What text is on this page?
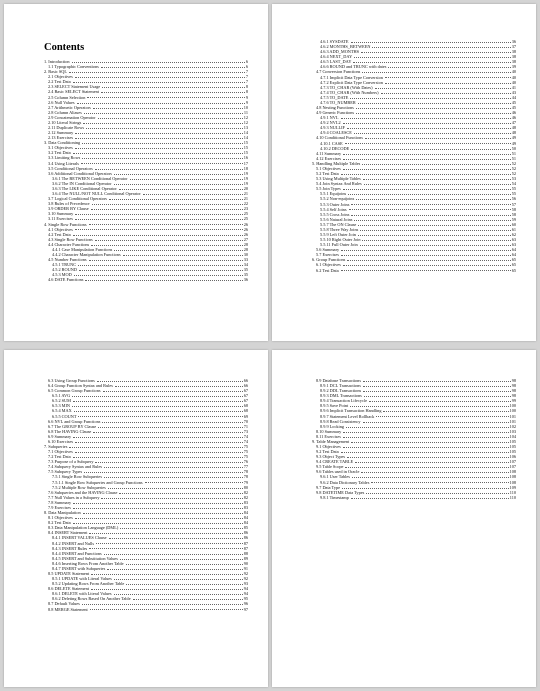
Contents
1. Introduction	6
1.1 Typographic Conventions	6
2. Basic SQL	7
2.1 Objectives	7
2.2 Test Data	7
2.3 SELECT Statement Usage	8
2.4 Basic SELECT Statement	8
2.5 Column Selection	9
2.6 Null Values	9
2.7 Arithmetic Operators	10
2.8 Column Aliases	11
2.9 Concatenation Operator	12
2.10 Literal Strings	12
2.11 Duplicate Rows	13
2.12 Summary	14
2.13 Exercises	14
3. Data Conditioning	15
3.1 Objectives	15
3.2 Test Data	15
3.3 Limiting Rows	16
3.4 Using Literals	17
3.5 Conditional Operators	18
3.6 Additional Conditional Operators	19
3.6.1 The BETWEEN Conditional Operator	19
3.6.2 The IN Conditional Operator	19
3.6.3 The LIKE Conditional Operator	20
3.6.4 The NULL/NOT NULL Conditional Operator	21
3.7 Logical Conditional Operators	21
3.8 Rules of Precedence	22
3.9 ORDER BY Clause	23
3.10 Summary	25
3.11 Exercises	25
4. Single Row Functions	26
4.1 Objectives	26
4.2 Test Data	26
4.3 Single Row Functions	27
4.4 Character Functions	28
4.4.1 Case Manipulation Functions	28
4.4.2 Character Manipulation Functions	30
4.5 Number Functions	33
4.5.1 TRUNC	34
4.5.2 ROUND	35
4.5.3 MOD	35
4.6 DATE Functions	36
4.6.1 SYSDATE	36
4.6.2 MONTHS_BETWEEN	37
4.6.3 ADD_MONTHS	38
4.6.4 NEXT_DAY	38
4.6.5 LAST_DAY	38
4.6.6 ROUND and TRUNC with dates	39
4.7 Conversion Functions	40
4.7.1 Implicit Data Type Conversion	40
4.7.2 Explicit Data Type Conversion	40
4.7.3 TO_CHAR (With Dates)	41
4.7.4 TO_CHAR (With Numbers)	43
4.7.5 TO_DATE	44
4.7.6 TO_NUMBER	45
4.8 Nesting Functions	45
4.9 Generic Functions	46
4.9.1 NVL	46
4.9.2 NVL2	47
4.9.3 NULLIF	48
4.9.4 COALESCE	48
4.10 Conditional Functions	49
4.10.1 CASE	49
4.10.2 DECODE	50
4.11 Summary	51
4.12 Exercises	51
5. Handling Multiple Tables	52
5.1 Objectives	52
5.2 Test Data	52
5.3 Using Multiple Tables	53
5.4 Join Syntax And Rules	54
5.5 Join Types	55
5.5.1 Equijoins	55
5.5.2 Non-equijoins	56
5.5.3 Outer Joins	57
5.5.4 Self Joins	58
5.5.5 Cross Joins	58
5.5.6 Natural Joins	59
5.5.7 The ON Clause	60
5.5.8 Three Way Joins	61
5.5.9 Left Outer Join	62
5.5.10 Right Outer Join	63
5.5.11 Full Outer Join	63
5.6 Summary	64
5.7 Exercises	64
6. Group Functions	65
6.1 Objectives	65
6.2 Test Data	65
6.3 Using Group Functions	66
6.4 Group Function Syntax and Rules	66
6.5 Common Group Functions	67
6.5.1 AVG	67
6.5.2 SUM	67
6.5.3 MIN	68
6.5.4 MAX	68
6.5.5 COUNT	69
6.6 NVL and Group Functions	70
6.7 The GROUP BY Clause	71
6.8 The HAVING Clause	73
6.9 Summary	74
6.10 Exercises	74
7. Subqueries	75
7.1 Objectives	75
7.2 Test Data	75
7.3 Purpose of a Subquery	76
7.4 Subquery Syntax and Rules	77
7.5 Subquery Types	78
7.5.1 Single Row Subqueries	78
7.5.1.1 Single Row Subqueries and Group Functions	79
7.5.2 Multiple Row Subqueries	80
7.6 Subqueries and the HAVING Clause	82
7.7 Null Values in a Subquery	82
7.8 Summary	83
7.9 Exercises	83
8. Data Manipulation	84
8.1 Objectives	84
8.2 Test Data	84
8.3 Data Manipulation Language (DML)	85
8.4 INSERT Statement	86
8.4.1 INSERT VALUES Clause	86
8.4.2 INSERT and Nulls	87
8.4.3 INSERT Rules	87
8.4.4 INSERT and Functions	88
8.4.5 INSERT and Substitution Values	89
8.4.6 Inserting Rows From Another Table	90
8.4.7 INSERT with Subqueries	91
8.5 UPDATE Statement	92
8.5.1 UPDATE with Literal Values	92
8.5.2 Updating Rows From Another Table	93
8.6 DELETE Statement	94
8.6.1 DELETE with Literal Values	94
8.6.2 Deleting Rows Based On Another Table	95
8.7 Default Values	96
8.8 MERGE Statement	97
8.9 Database Transactions	98
8.9.1 DCL Transactions	98
8.9.2 DDL Transactions	98
8.9.3 DML Transactions	98
8.9.4 Transaction Lifecycle	99
8.9.5 Save Point	100
8.9.6 Implicit Transaction Handling	100
8.9.7 Statement Level Rollback	101
8.9.8 Read Consistency	101
8.9.9 Locking	102
8.10 Summary	103
8.11 Exercises	104
9. Table Management	105
9.1 Objectives	105
9.2 Test Data	105
9.3 Object Types	106
9.4 CREATE TABLE	107
9.5 Table Scope	107
9.6 Tables used in Oracle	108
9.6.1 User Tables	108
9.6.2 Data Dictionary Tables	108
9.7 Data Type	109
9.8 DATETIME Data Types	110
9.8.1 Timestamp	110
